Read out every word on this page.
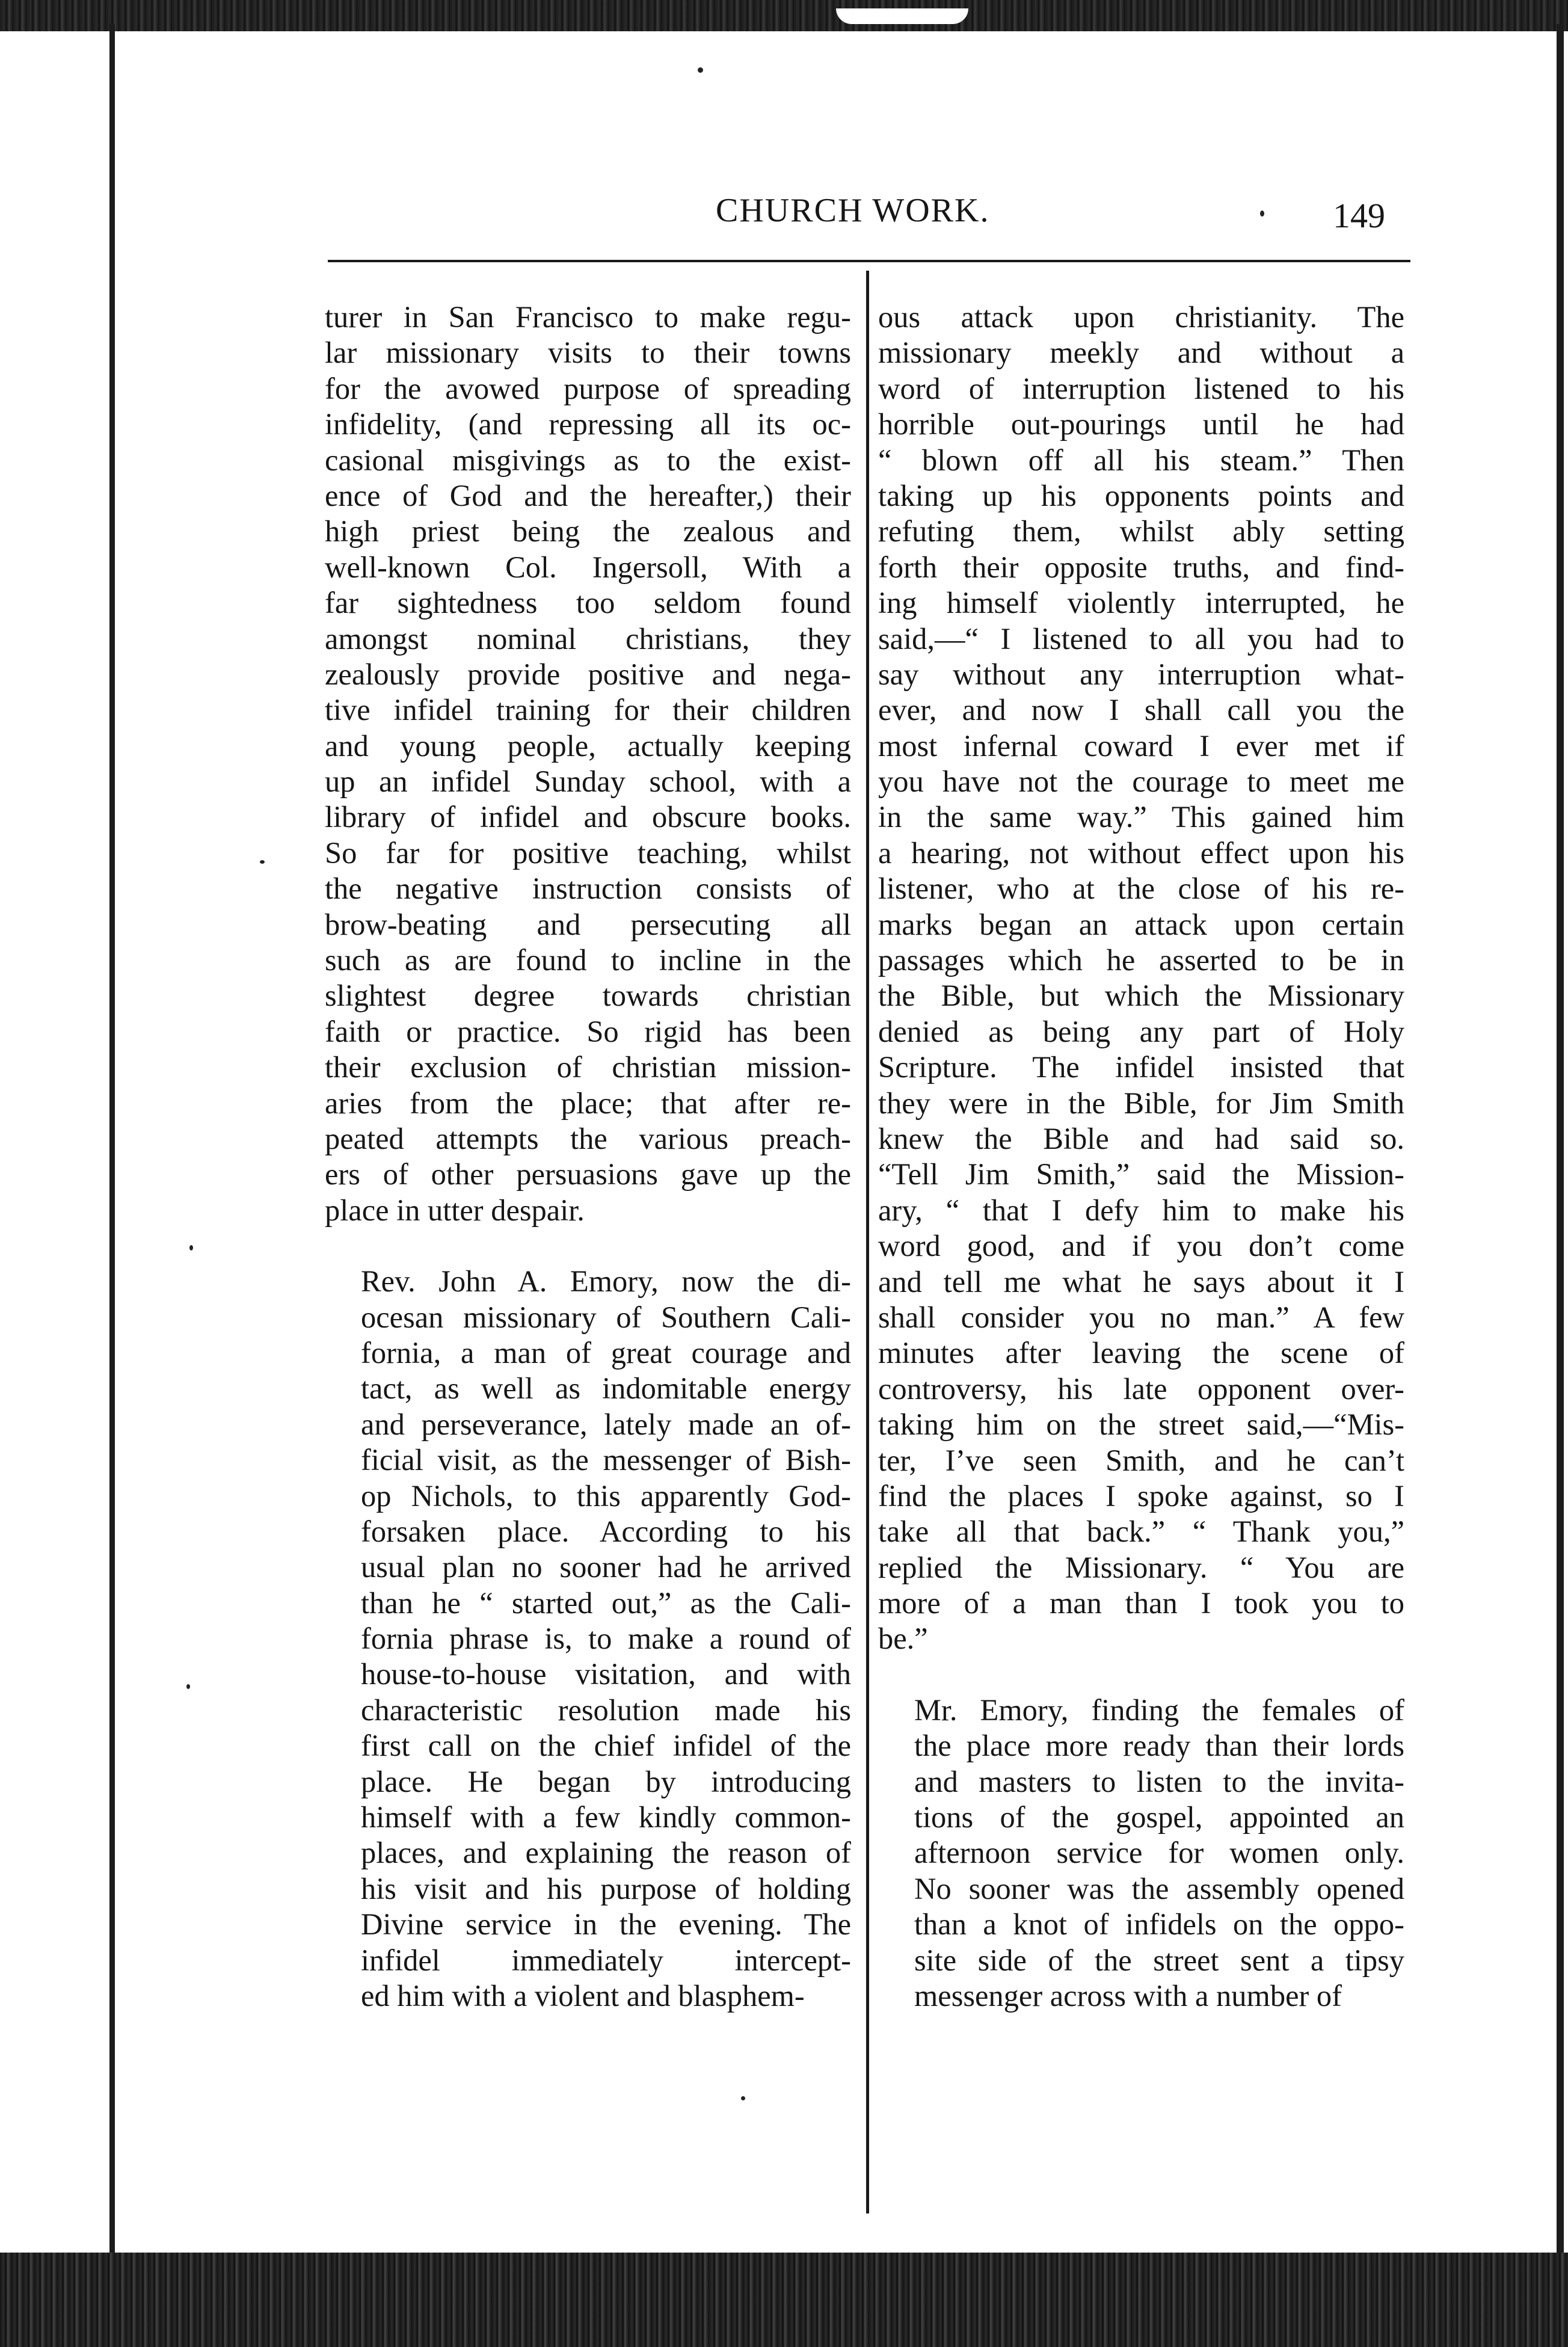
CHURCH WORK.	149

turer in San Francisco to make regu-
lar missionary visits to their towns
for the avowed purpose of spreading
infidelity, (and repressing all its oc-
casional misgivings as to the exist-
ence of God and the hereafter,) their
high priest being the zealous and
well-known Col. Ingersoll, With a
far sightedness too seldom found
amongst nominal christians, they
zealously provide positive and nega-
tive infidel training for their children
and young people, actually keeping
up an infidel Sunday school, with a
library of infidel and obscure books.
So far for positive teaching, whilst
the negative instruction consists of
brow-beating and persecuting all
such as are found to incline in the
slightest degree towards christian
faith or practice. So rigid has been
their exclusion of christian mission-
aries from the place; that after re-
peated attempts the various preach-
ers of other persuasions gave up the
place in utter despair.

Rev. John A. Emory, now the di-
ocesan missionary of Southern Cali-
fornia, a man of great courage and
tact, as well as indomitable energy
and perseverance, lately made an of-
ficial visit, as the messenger of Bish-
op Nichols, to this apparently God-
forsaken place. According to his
usual plan no sooner had he arrived
than he “ started out,” as the Cali-
fornia phrase is, to make a round of
house-to-house visitation, and with
characteristic resolution made his
first call on the chief infidel of the
place. He began by introducing
himself with a few kindly common-
places, and explaining the reason of
his visit and his purpose of holding
Divine service in the evening. The
infidel immediately intercept-
ed him with a violent and blasphem-

ous attack upon christianity. The
missionary meekly and without a
word of interruption listened to his
horrible out-pourings until he had
“ blown off all his steam.” Then
taking up his opponents points and
refuting them, whilst ably setting
forth their opposite truths, and find-
ing himself violently interrupted, he
said,—“ I listened to all you had to
say without any interruption what-
ever, and now I shall call you the
most infernal coward I ever met if
you have not the courage to meet me
in the same way.” This gained him
a hearing, not without effect upon his
listener, who at the close of his re-
marks began an attack upon certain
passages which he asserted to be in
the Bible, but which the Missionary
denied as being any part of Holy
Scripture. The infidel insisted that
they were in the Bible, for Jim Smith
knew the Bible and had said so.
“Tell Jim Smith,” said the Mission-
ary, “ that I defy him to make his
word good, and if you don’t come
and tell me what he says about it I
shall consider you no man.” A few
minutes after leaving the scene of
controversy, his late opponent over-
taking him on the street said,—“Mis-
ter, I’ve seen Smith, and he can’t
find the places I spoke against, so I
take all that back.” “ Thank you,”
replied the Missionary. “ You are
more of a man than I took you to
be.”

Mr. Emory, finding the females of
the place more ready than their lords
and masters to listen to the invita-
tions of the gospel, appointed an
afternoon service for women only.
No sooner was the assembly opened
than a knot of infidels on the oppo-
site side of the street sent a tipsy
messenger across with a number of
